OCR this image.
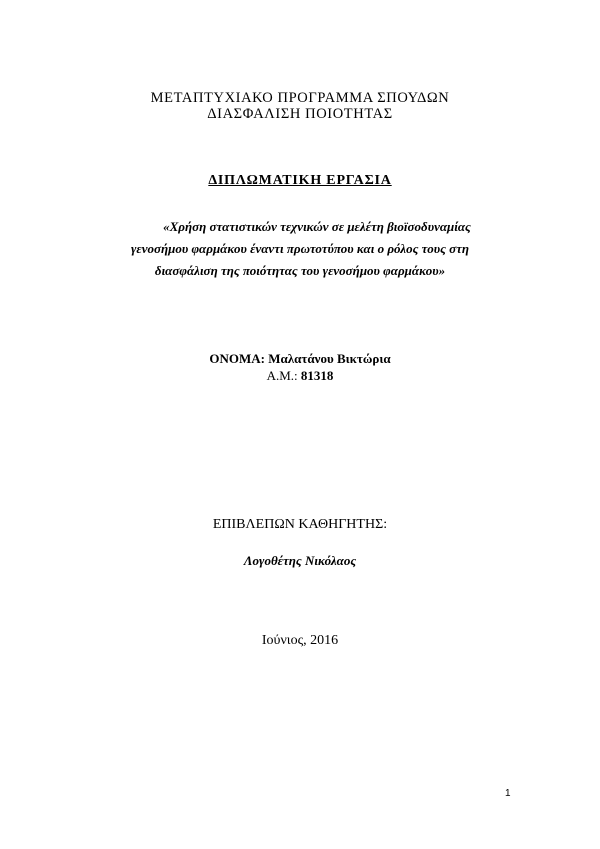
ΜΕΤΑΠΤΥΧΙΑΚΟ ΠΡΟΓΡΑΜΜΑ ΣΠΟΥΔΩΝ
ΔΙΑΣΦΑΛΙΣΗ ΠΟΙΟΤΗΤΑΣ
ΔΙΠΛΩΜΑΤΙΚΗ ΕΡΓΑΣΙΑ
«Χρήση στατιστικών τεχνικών σε μελέτη βιοϊσοδυναμίας
γενοσήμου φαρμάκου έναντι πρωτοτύπου και ο ρόλος τους στη
διασφάλιση της ποιότητας του γενοσήμου φαρμάκου»
ΟΝΟΜΑ: Μαλατάνου Βικτώρια
Α.Μ.: 81318
ΕΠΙΒΛΕΠΩΝ ΚΑΘΗΓΗΤΗΣ:
Λογοθέτης Νικόλαος
Ιούνιος, 2016
1
